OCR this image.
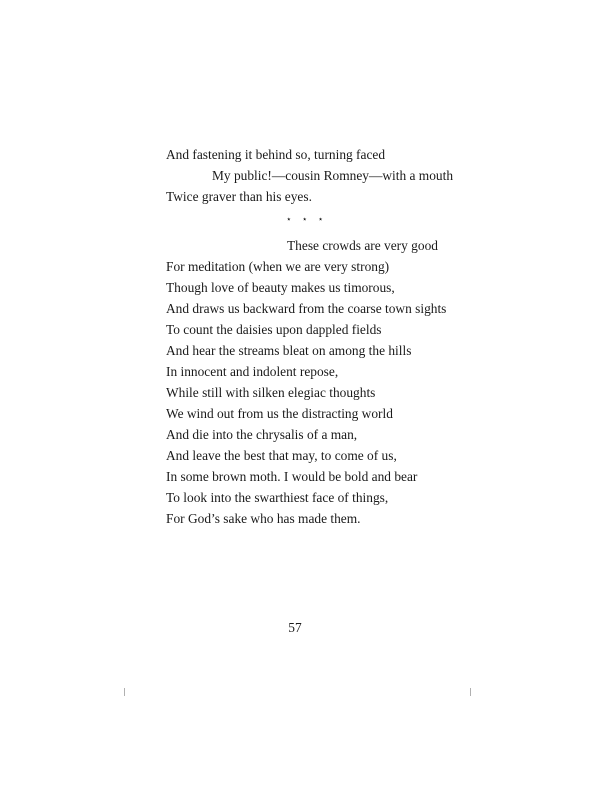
And fastening it behind so, turning faced
My public!—cousin Romney—with a mouth
Twice graver than his eyes.
⋆ ⋆ ⋆
These crowds are very good
For meditation (when we are very strong)
Though love of beauty makes us timorous,
And draws us backward from the coarse town sights
To count the daisies upon dappled fields
And hear the streams bleat on among the hills
In innocent and indolent repose,
While still with silken elegiac thoughts
We wind out from us the distracting world
And die into the chrysalis of a man,
And leave the best that may, to come of us,
In some brown moth. I would be bold and bear
To look into the swarthiest face of things,
For God’s sake who has made them.
57
